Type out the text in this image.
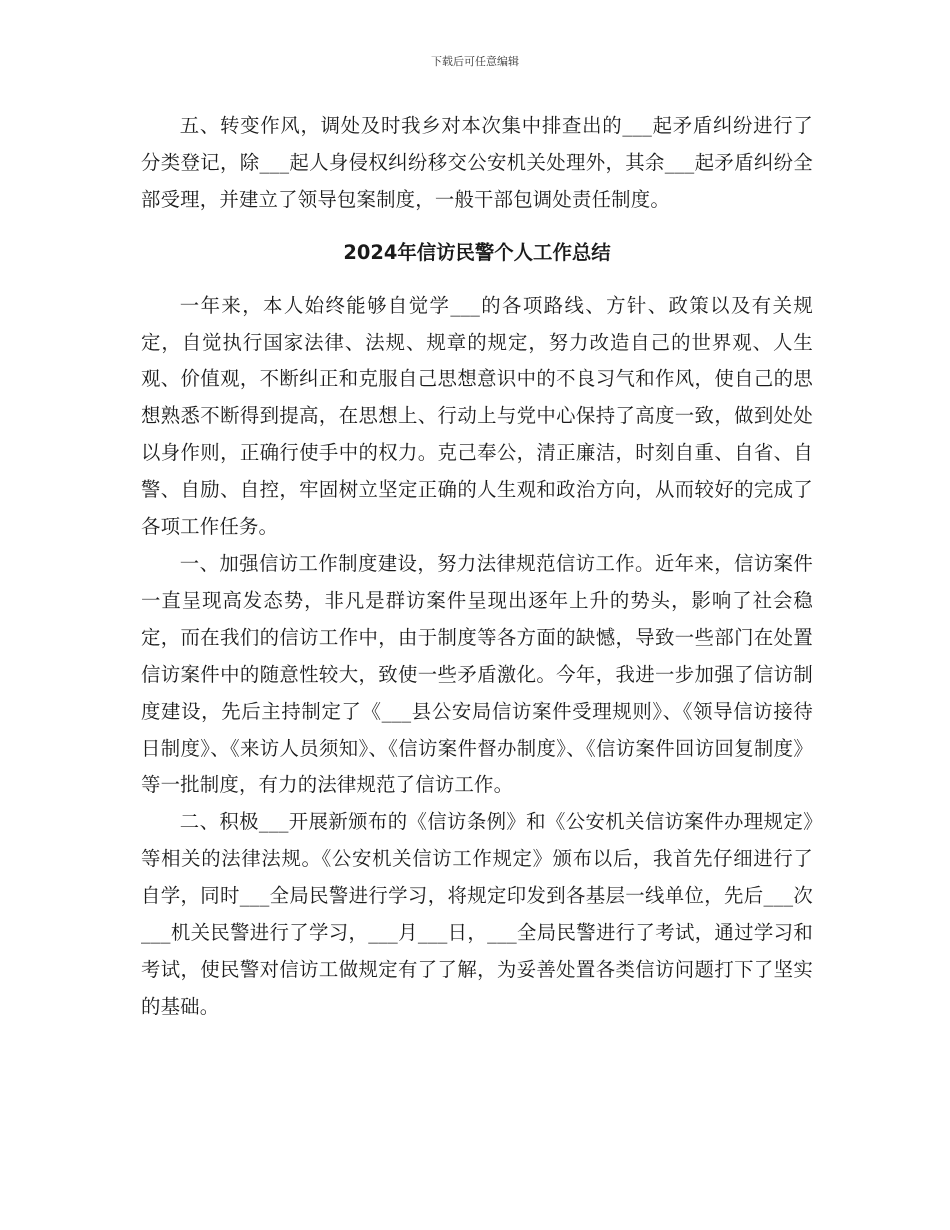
下载后可任意编辑

五、转变作风，调处及时我乡对本次集中排查出的___起矛盾纠纷进行了分类登记，除___起人身侵权纠纷移交公安机关处理外，其余___起矛盾纠纷全部受理，并建立了领导包案制度，一般干部包调处责任制度。

2024年信访民警个人工作总结

一年来，本人始终能够自觉学___的各项路线、方针、政策以及有关规定，自觉执行国家法律、法规、规章的规定，努力改造自己的世界观、人生观、价值观，不断纠正和克服自己思想意识中的不良习气和作风，使自己的思想熟悉不断得到提高，在思想上、行动上与党中心保持了高度一致，做到处处以身作则，正确行使手中的权力。克己奉公，清正廉洁，时刻自重、自省、自警、自励、自控，牢固树立坚定正确的人生观和政治方向，从而较好的完成了各项工作任务。

一、加强信访工作制度建设，努力法律规范信访工作。近年来，信访案件一直呈现高发态势，非凡是群访案件呈现出逐年上升的势头，影响了社会稳定，而在我们的信访工作中，由于制度等各方面的缺憾，导致一些部门在处置信访案件中的随意性较大，致使一些矛盾激化。今年，我进一步加强了信访制度建设，先后主持制定了《___县公安局信访案件受理规则》、《领导信访接待日制度》、《来访人员须知》、《信访案件督办制度》、《信访案件回访回复制度》等一批制度，有力的法律规范了信访工作。

二、积极___开展新颁布的《信访条例》和《公安机关信访案件办理规定》等相关的法律法规。《公安机关信访工作规定》颁布以后，我首先仔细进行了自学，同时___全局民警进行学习，将规定印发到各基层一线单位，先后___次___机关民警进行了学习，___月___日，___全局民警进行了考试，通过学习和考试，使民警对信访工做规定有了了解，为妥善处置各类信访问题打下了坚实的基础。
